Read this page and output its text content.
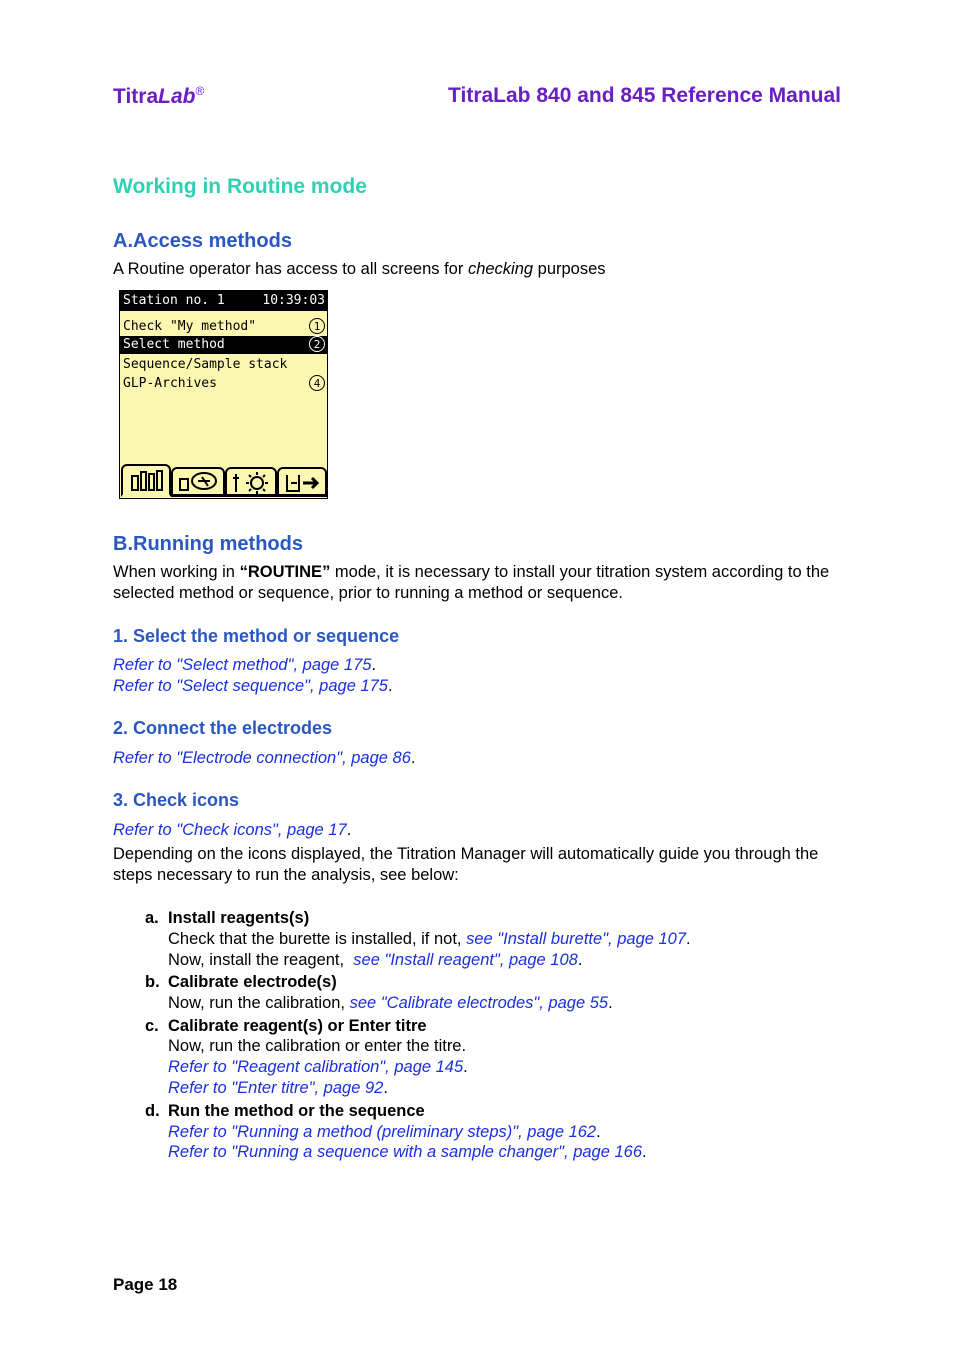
TitraLab®	TitraLab 840 and 845 Reference Manual
Working in Routine mode
A.Access methods
A Routine operator has access to all screens for checking purposes
Station no. 1	10:39:03
Check "My method"	1
Select method	2
Sequence/Sample stack
GLP-Archives	4
B.Running methods
When working in “ROUTINE” mode, it is necessary to install your titration system according to the selected method or sequence, prior to running a method or sequence.
1. Select the method or sequence
Refer to "Select method", page 175.
Refer to "Select sequence", page 175.
2. Connect the electrodes
Refer to "Electrode connection", page 86.
3. Check icons
Refer to "Check icons", page 17.
Depending on the icons displayed, the Titration Manager will automatically guide you through the steps necessary to run the analysis, see below:
a. Install reagents(s)
Check that the burette is installed, if not, see "Install burette", page 107.
Now, install the reagent,  see "Install reagent", page 108.
b. Calibrate electrode(s)
Now, run the calibration, see "Calibrate electrodes", page 55.
c. Calibrate reagent(s) or Enter titre
Now, run the calibration or enter the titre.
Refer to "Reagent calibration", page 145.
Refer to "Enter titre", page 92.
d. Run the method or the sequence
Refer to "Running a method (preliminary steps)", page 162.
Refer to "Running a sequence with a sample changer", page 166.
Page 18
